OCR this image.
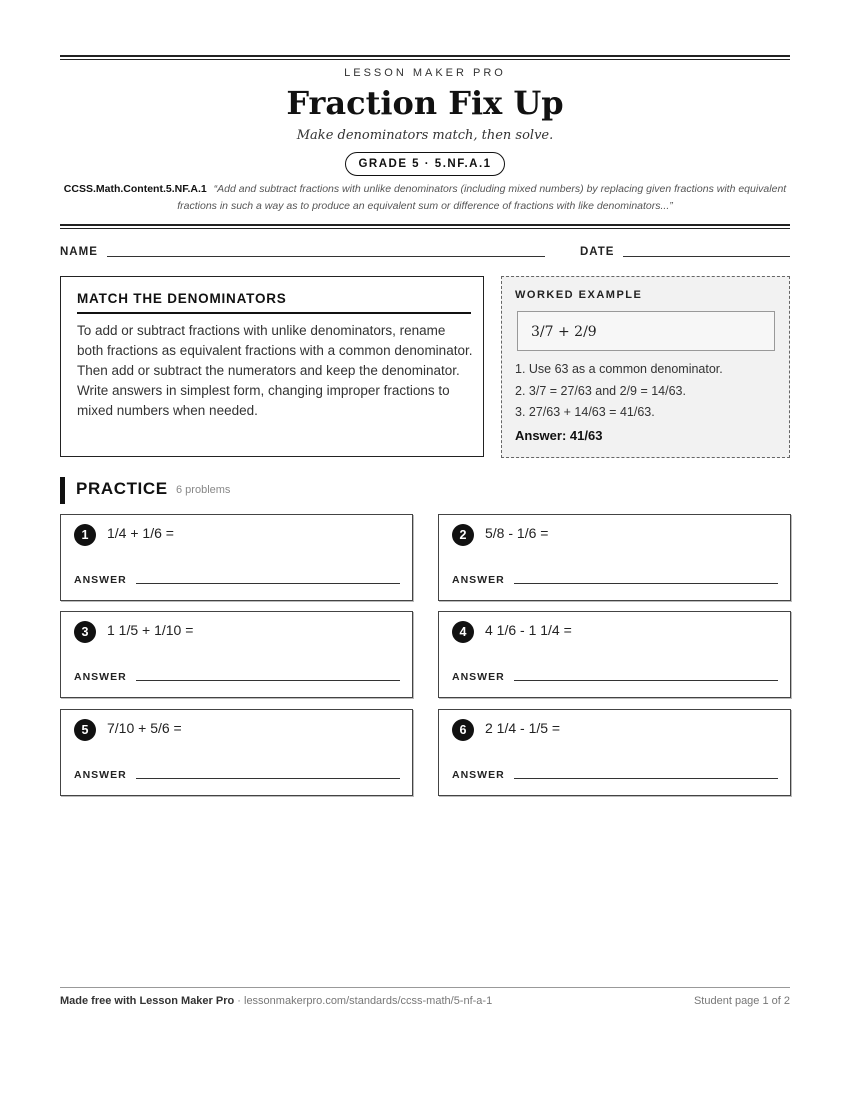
LESSON MAKER PRO
Fraction Fix Up
Make denominators match, then solve.
GRADE 5 · 5.NF.A.1
CCSS.Math.Content.5.NF.A.1 “Add and subtract fractions with unlike denominators (including mixed numbers) by replacing given fractions with equivalent fractions in such a way as to produce an equivalent sum or difference of fractions with like denominators...”
NAME	DATE
MATCH THE DENOMINATORS
To add or subtract fractions with unlike denominators, rename both fractions as equivalent fractions with a common denominator. Then add or subtract the numerators and keep the denominator. Write answers in simplest form, changing improper fractions to mixed numbers when needed.
WORKED EXAMPLE
3/7 + 2/9
1. Use 63 as a common denominator.
2. 3/7 = 27/63 and 2/9 = 14/63.
3. 27/63 + 14/63 = 41/63.
Answer: 41/63
PRACTICE 6 problems
1	1/4 + 1/6 =
ANSWER
2	5/8 - 1/6 =
ANSWER
3	1 1/5 + 1/10 =
ANSWER
4	4 1/6 - 1 1/4 =
ANSWER
5	7/10 + 5/6 =
ANSWER
6	2 1/4 - 1/5 =
ANSWER
Made free with Lesson Maker Pro · lessonmakerpro.com/standards/ccss-math/5-nf-a-1	Student page 1 of 2
